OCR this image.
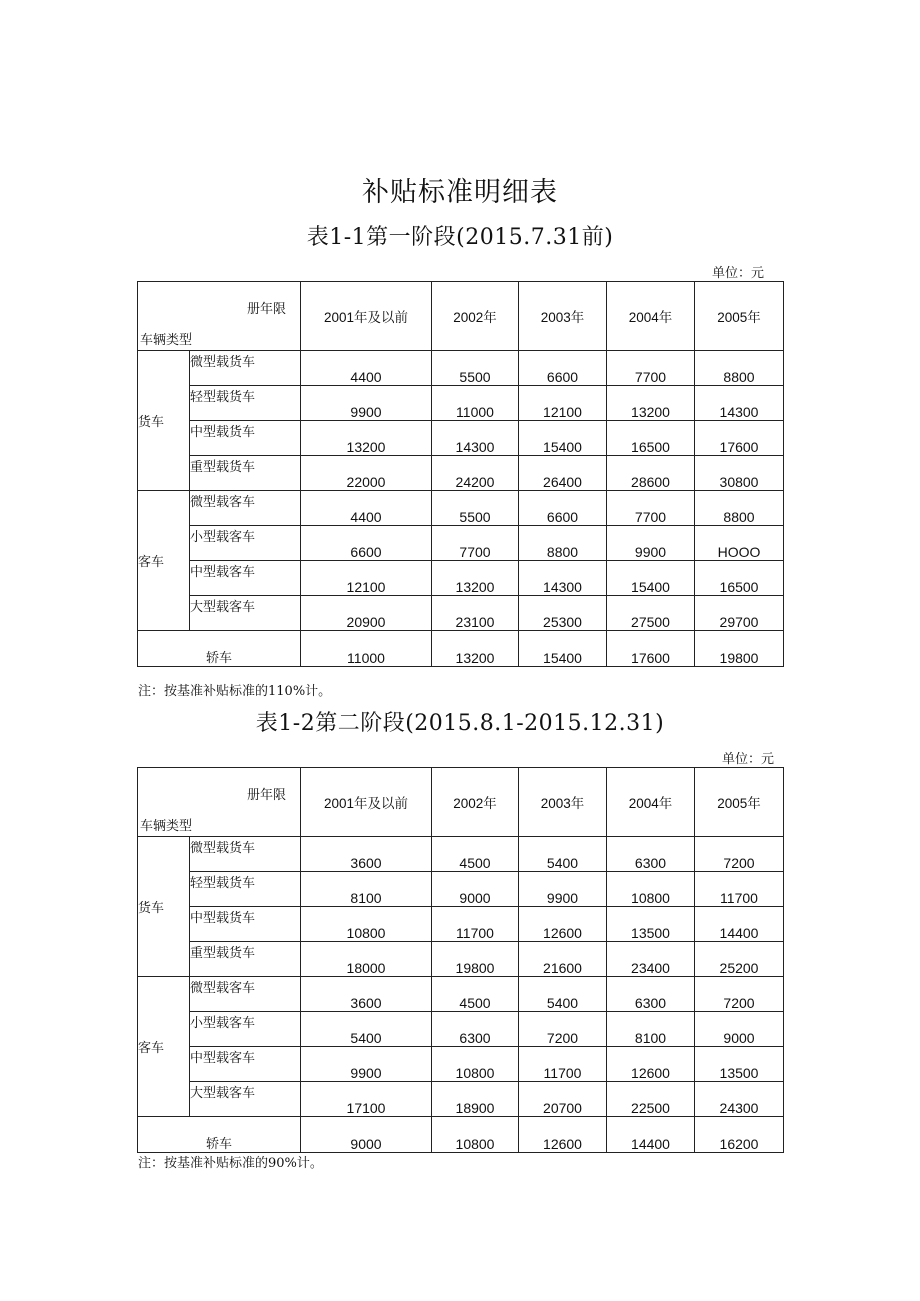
补贴标准明细表
表1-1第一阶段(2015.7.31前)
单位：元
册年限
车辆类型		2001年及以前	2002年	2003年	2004年	2005年
货车	微型载货车	4400	5500	6600	7700	8800
	轻型载货车	9900	11000	12100	13200	14300
	中型载货车	13200	14300	15400	16500	17600
	重型载货车	22000	24200	26400	28600	30800
客车	微型载客车	4400	5500	6600	7700	8800
	小型载客车	6600	7700	8800	9900	HOOO
	中型载客车	12100	13200	14300	15400	16500
	大型载客车	20900	23100	25300	27500	29700
轿车		11000	13200	15400	17600	19800
注：按基准补贴标准的110%计。
表1-2第二阶段(2015.8.1-2015.12.31)
单位：元
册年限
车辆类型		2001年及以前	2002年	2003年	2004年	2005年
货车	微型载货车	3600	4500	5400	6300	7200
	轻型载货车	8100	9000	9900	10800	11700
	中型载货车	10800	11700	12600	13500	14400
	重型载货车	18000	19800	21600	23400	25200
客车	微型载客车	3600	4500	5400	6300	7200
	小型载客车	5400	6300	7200	8100	9000
	中型载客车	9900	10800	11700	12600	13500
	大型载客车	17100	18900	20700	22500	24300
轿车		9000	10800	12600	14400	16200
注：按基准补贴标准的90%计。
